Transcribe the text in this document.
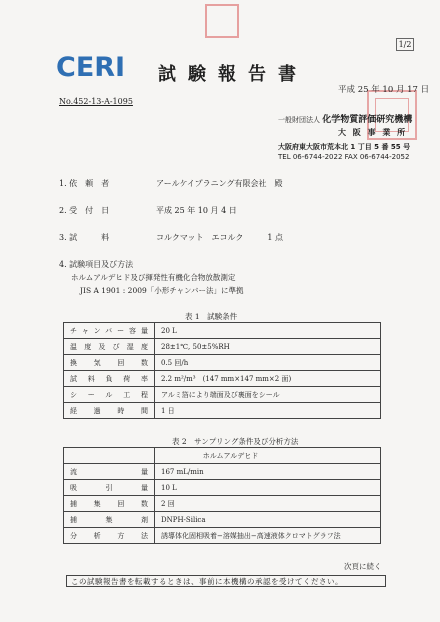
1/2
CERI 試験報告書
平成 25 年 10 月 17 日
No.452-13-A-1095
一般財団法人 化学物質評価研究機構
大 阪 事 業 所
大阪府東大阪市荒本北 1 丁目 5 番 55 号
TEL 06-6744-2022 FAX 06-6744-2052
1. 依　頼　者	アールケイプラニング有限会社　殿
2. 受　付　日	平成 25 年 10 月 4 日
3. 試　　　料	コルクマット　エコルク　　　1 点
4. 試験項目及び方法
ホルムアルデヒド及び揮発性有機化合物放散測定
JIS A 1901 : 2009「小形チャンバー法」に準拠
表 1　試験条件
チャンバー容量	20 L
温度及び湿度	28±1℃, 50±5%RH
換気回数	0.5 回/h
試料負荷率	2.2 m²/m³　(147 mm×147 mm×2 面)
シール工程	アルミ箔により端面及び裏面をシール
経過時間	1 日
表 2　サンプリング条件及び分析方法
	ホルムアルデヒド
流量	167 mL/min
吸引量	10 L
捕集回数	2 回
捕集剤	DNPH-Silica
分析方法	誘導体化固相吸着−溶媒抽出−高速液体クロマトグラフ法
次頁に続く
この試験報告書を転載するときは、事前に本機構の承認を受けてください。
